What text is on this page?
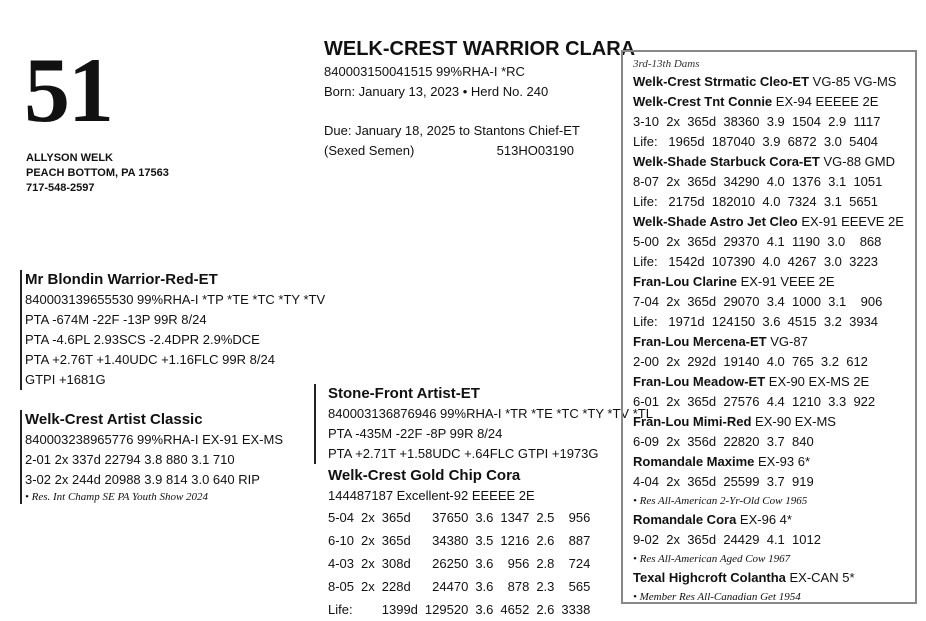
51
ALLYSON WELK
PEACH BOTTOM, PA 17563
717-548-2597
WELK-CREST WARRIOR CLARA
840003150041515 99%RHA-I *RC
Born: January 13, 2023 • Herd No. 240
Due: January 18, 2025 to Stantons Chief-ET
(Sexed Semen)	513HO03190
Mr Blondin Warrior-Red-ET
840003139655530 99%RHA-I *TP *TE *TC *TY *TV
PTA -674M -22F -13P 99R 8/24
PTA -4.6PL 2.93SCS -2.4DPR 2.9%DCE
PTA +2.76T +1.40UDC +1.16FLC 99R 8/24
GTPI +1681G
Welk-Crest Artist Classic
840003238965776 99%RHA-I EX-91 EX-MS
2-01 2x 337d 22794 3.8 880 3.1 710
3-02 2x 244d 20988 3.9 814 3.0 640 RIP
• Res. Int Champ SE PA Youth Show 2024
Stone-Front Artist-ET
840003136876946 99%RHA-I *TR *TE *TC *TY *TV *TL
PTA -435M -22F -8P 99R 8/24
PTA +2.71T +1.58UDC +.64FLC GTPI +1973G
Welk-Crest Gold Chip Cora
144487187 Excellent-92 EEEEE 2E
5-04	2x	365d	37650	3.6	1347	2.5	956
6-10	2x	365d	34380	3.5	1216	2.6	887
4-03	2x	308d	26250	3.6	956	2.8	724
8-05	2x	228d	24470	3.6	878	2.3	565
Life:		1399d	129520	3.6	4652	2.6	3338
3rd-13th Dams
Welk-Crest Strmatic Cleo-ET VG-85 VG-MS
Welk-Crest Tnt Connie EX-94 EEEEE 2E
3-10  2x  365d  38360  3.9  1504  2.9  1117
Life:   1965d  187040  3.9  6872  3.0  5404
Welk-Shade Starbuck Cora-ET VG-88 GMD
8-07  2x  365d  34290  4.0  1376  3.1  1051
Life:   2175d  182010  4.0  7324  3.1  5651
Welk-Shade Astro Jet Cleo EX-91 EEEVE 2E
5-00  2x  365d  29370  4.1  1190  3.0    868
Life:   1542d  107390  4.0  4267  3.0  3223
Fran-Lou Clarine EX-91 VEEE 2E
7-04  2x  365d  29070  3.4  1000  3.1    906
Life:   1971d  124150  3.6  4515  3.2  3934
Fran-Lou Mercena-ET VG-87
2-00  2x  292d  19140  4.0  765  3.2  612
Fran-Lou Meadow-ET EX-90 EX-MS 2E
6-01  2x  365d  27576  4.4  1210  3.3  922
Fran-Lou Mimi-Red EX-90 EX-MS
6-09  2x  356d  22820  3.7  840
Romandale Maxime EX-93 6*
4-04  2x  365d  25599  3.7  919
• Res All-American 2-Yr-Old Cow 1965
Romandale Cora EX-96 4*
9-02  2x  365d  24429  4.1  1012
• Res All-American Aged Cow 1967
Texal Highcroft Colantha EX-CAN 5*
• Member Res All-Canadian Get 1954
